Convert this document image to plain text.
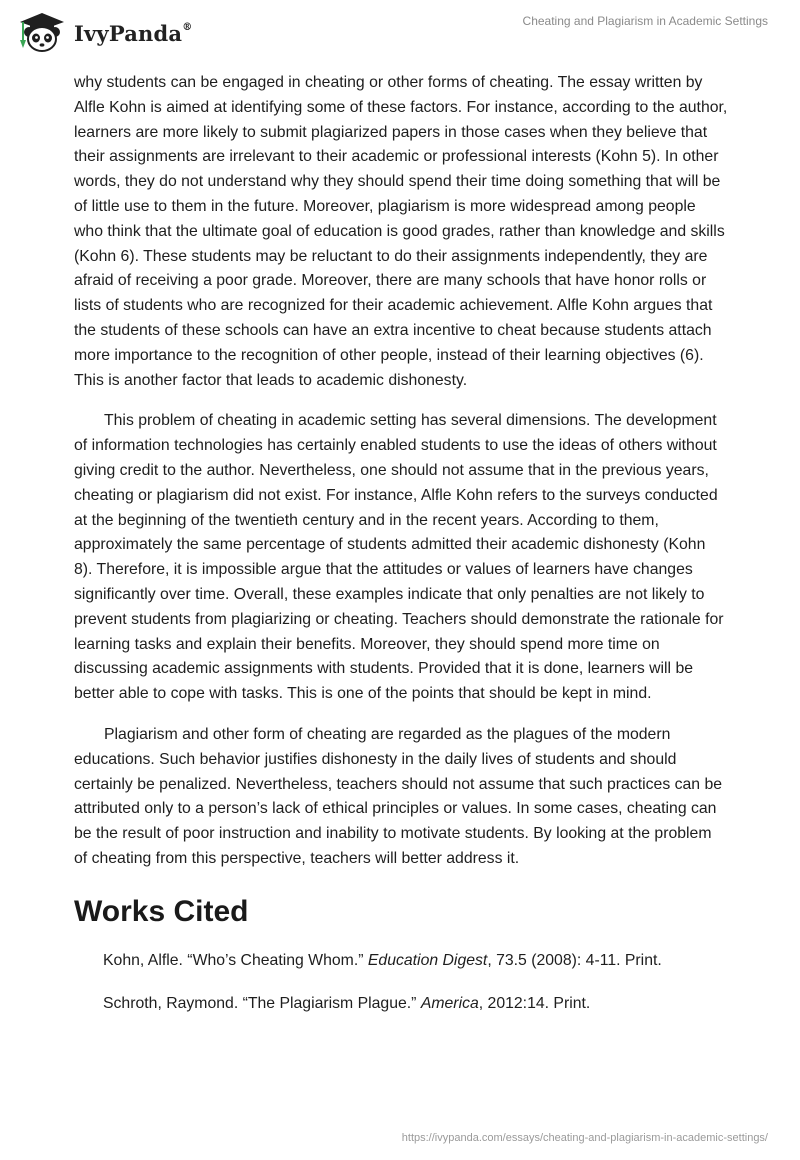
IvyPanda®	Cheating and Plagiarism in Academic Settings

why students can be engaged in cheating or other forms of cheating. The essay written by Alfle Kohn is aimed at identifying some of these factors. For instance, according to the author, learners are more likely to submit plagiarized papers in those cases when they believe that their assignments are irrelevant to their academic or professional interests (Kohn 5). In other words, they do not understand why they should spend their time doing something that will be of little use to them in the future. Moreover, plagiarism is more widespread among people who think that the ultimate goal of education is good grades, rather than knowledge and skills (Kohn 6). These students may be reluctant to do their assignments independently, they are afraid of receiving a poor grade. Moreover, there are many schools that have honor rolls or lists of students who are recognized for their academic achievement. Alfle Kohn argues that the students of these schools can have an extra incentive to cheat because students attach more importance to the recognition of other people, instead of their learning objectives (6). This is another factor that leads to academic dishonesty.

This problem of cheating in academic setting has several dimensions. The development of information technologies has certainly enabled students to use the ideas of others without giving credit to the author. Nevertheless, one should not assume that in the previous years, cheating or plagiarism did not exist. For instance, Alfle Kohn refers to the surveys conducted at the beginning of the twentieth century and in the recent years. According to them, approximately the same percentage of students admitted their academic dishonesty (Kohn 8). Therefore, it is impossible argue that the attitudes or values of learners have changes significantly over time. Overall, these examples indicate that only penalties are not likely to prevent students from plagiarizing or cheating. Teachers should demonstrate the rationale for learning tasks and explain their benefits. Moreover, they should spend more time on discussing academic assignments with students. Provided that it is done, learners will be better able to cope with tasks. This is one of the points that should be kept in mind.

Plagiarism and other form of cheating are regarded as the plagues of the modern educations. Such behavior justifies dishonesty in the daily lives of students and should certainly be penalized. Nevertheless, teachers should not assume that such practices can be attributed only to a person’s lack of ethical principles or values. In some cases, cheating can be the result of poor instruction and inability to motivate students. By looking at the problem of cheating from this perspective, teachers will better address it.

Works Cited

Kohn, Alfle. “Who’s Cheating Whom.” Education Digest, 73.5 (2008): 4-11. Print.

Schroth, Raymond. “The Plagiarism Plague.” America, 2012:14. Print.

https://ivypanda.com/essays/cheating-and-plagiarism-in-academic-settings/
